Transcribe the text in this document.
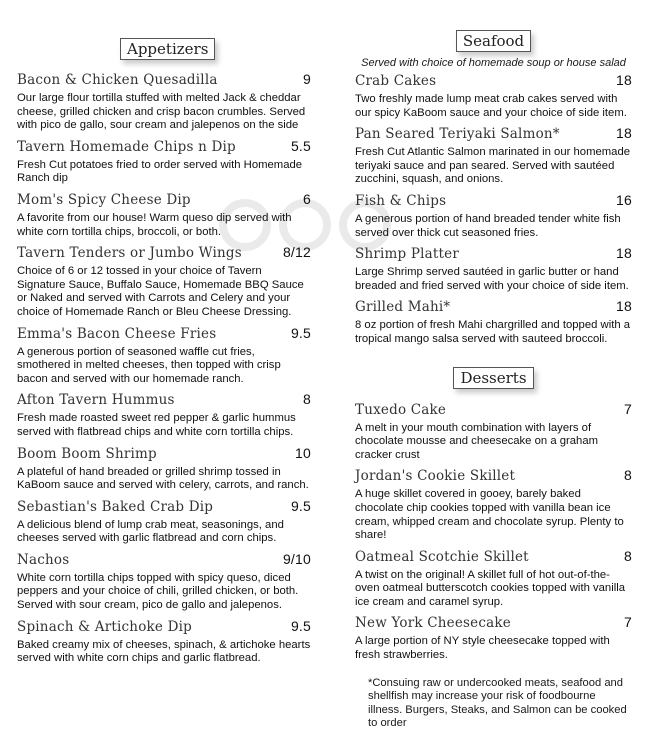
Appetizers
Bacon & Chicken Quesadilla	9
Our large flour tortilla stuffed with melted Jack & cheddar cheese, grilled chicken and crisp bacon crumbles. Served with pico de gallo, sour cream and jalepenos on the side
Tavern Homemade Chips n Dip	5.5
Fresh Cut potatoes fried to order served with Homemade Ranch dip
Mom's Spicy Cheese Dip	6
A favorite from our house! Warm queso dip served with white corn tortilla chips, broccoli, or both.
Tavern Tenders or Jumbo Wings	8/12
Choice of 6 or 12 tossed in your choice of Tavern Signature Sauce, Buffalo Sauce, Homemade BBQ Sauce or Naked and served with Carrots and Celery and your choice of Homemade Ranch or Bleu Cheese Dressing.
Emma's Bacon Cheese Fries	9.5
A generous portion of seasoned waffle cut fries, smothered in melted cheeses, then topped with crisp bacon and served with our homemade ranch.
Afton Tavern Hummus	8
Fresh made roasted sweet red pepper & garlic hummus served with flatbread chips and white corn tortilla chips.
Boom Boom Shrimp	10
A plateful of hand breaded or grilled shrimp tossed in KaBoom sauce and served with celery, carrots, and ranch.
Sebastian's Baked Crab Dip	9.5
A delicious blend of lump crab meat, seasonings, and cheeses served with garlic flatbread and corn chips.
Nachos	9/10
White corn tortilla chips topped with spicy queso, diced peppers and your choice of chili, grilled chicken, or both. Served with sour cream, pico de gallo and jalepenos.
Spinach & Artichoke Dip	9.5
Baked creamy mix of cheeses, spinach, & artichoke hearts served with white corn chips and garlic flatbread.
Seafood
Served with choice of homemade soup or house salad
Crab Cakes	18
Two freshly made lump meat crab cakes served with our spicy KaBoom sauce and your choice of side item.
Pan Seared Teriyaki Salmon*	18
Fresh Cut Atlantic Salmon marinated in our homemade teriyaki sauce and pan seared. Served with sautéed zucchini, squash, and onions.
Fish & Chips	16
A generous portion of hand breaded tender white fish served over thick cut seasoned fries.
Shrimp Platter	18
Large Shrimp served sautéed in garlic butter or hand breaded and fried served with your choice of side item.
Grilled Mahi*	18
8 oz portion of fresh Mahi chargrilled and topped with a tropical mango salsa served with sauteed broccoli.
Desserts
Tuxedo Cake	7
A melt in your mouth combination with layers of chocolate mousse and cheesecake on a graham cracker crust
Jordan's Cookie Skillet	8
A huge skillet covered in gooey, barely baked chocolate chip cookies topped with vanilla bean ice cream, whipped cream and chocolate syrup. Plenty to share!
Oatmeal Scotchie Skillet	8
A twist on the original! A skillet full of hot out-of-the-oven oatmeal butterscotch cookies topped with vanilla ice cream and caramel syrup.
New York Cheesecake	7
A large portion of NY style cheesecake topped with fresh strawberries.
*Consuing raw or undercooked meats, seafood and shellfish may increase your risk of foodbourne illness. Burgers, Steaks, and Salmon can be cooked to order
